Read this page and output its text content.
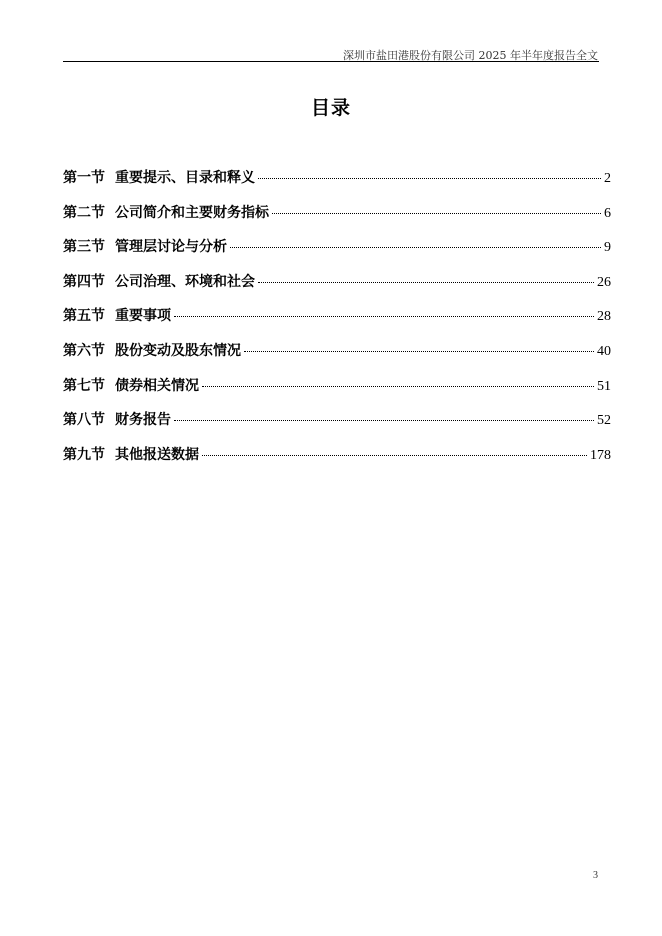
深圳市盐田港股份有限公司 2025 年半年度报告全文
目录
第一节 重要提示、目录和释义	2
第二节 公司简介和主要财务指标	6
第三节 管理层讨论与分析	9
第四节 公司治理、环境和社会	26
第五节 重要事项	28
第六节 股份变动及股东情况	40
第七节 债券相关情况	51
第八节 财务报告	52
第九节 其他报送数据	178
3
